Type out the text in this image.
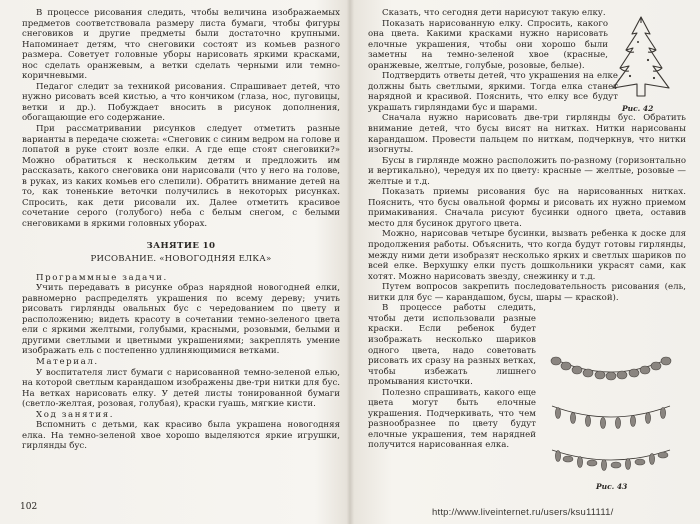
В процессе рисования следить, чтобы величина изображаемых предметов соответствовала размеру листа бумаги, чтобы фигуры снеговиков и другие предметы были достаточно крупными. Напоминает детям, что снеговики состоят из комьев разного размера. Советует головные уборы нарисовать яркими красками, нос сделать оранжевым, а ветки сделать черными или темно-коричневыми.

Педагог следит за техникой рисования. Спрашивает детей, что нужно рисовать всей кистью, а что кончиком (глаза, нос, пуговицы, ветки и др.). Побуждает вносить в рисунок дополнения, обогащающие его содержание.

При рассматривании рисунков следует отметить разные варианты в передаче сюжета: «Снеговик с синим ведром на голове и лопатой в руке стоит возле елки. А где еще стоят снеговики?» Можно обратиться к нескольким детям и предложить им рассказать, какого снеговика они нарисовали (что у него на голове, в руках, из каких комьев его слепили). Обратить внимание детей на то, как тоненькие веточки получились в некоторых рисунках. Спросить, как дети рисовали их. Далее отметить красивое сочетание серого (голубого) неба с белым снегом, с белыми снеговиками в яркими головных уборах.

ЗАНЯТИЕ 10

РИСОВАНИЕ. «НОВОГОДНЯЯ ЕЛКА»

Программные задачи.

Учить передавать в рисунке образ нарядной новогодней елки, равномерно распределять украшения по всему дереву; учить рисовать гирлянды овальных бус с чередованием по цвету и расположению; видеть красоту в сочетании темно-зеленого цвета ели с яркими желтыми, голубыми, красными, розовыми, белыми и другими светлыми и цветными украшениями; закреплять умение изображать ель с постепенно удлиняющимися ветками.

Материал.

У воспитателя лист бумаги с нарисованной темно-зеленой елью, на которой светлым карандашом изображены две-три нитки для бус. На ветках нарисовать елку. У детей листы тонированной бумаги (светло-желтая, розовая, голубая), краски гуашь, мягкие кисти.

Ход занятия.

Вспомнить с детьми, как красиво была украшена новогодняя елка. На темно-зеленой хвое хорошо выделяются яркие игрушки, гирлянды бус.

102

Сказать, что сегодня дети нарисуют такую елку.

Показать нарисованную елку. Спросить, какого она цвета. Какими красками нужно нарисовать елочные украшения, чтобы они хорошо были заметны на темно-зеленой хвое (красные, оранжевые, желтые, голубые, розовые, белые).

Подтвердить ответы детей, что украшения на елке должны быть светлыми, яркими. Тогда елка станет нарядной и красивой. Пояснить, что елку все будут украшать гирляндами бус и шарами.

Сначала нужно нарисовать две-три гирлянды бус. Обратить внимание детей, что бусы висят на нитках. Нитки нарисованы карандашом. Провести пальцем по ниткам, подчеркнув, что нитки изогнуты.

Бусы в гирлянде можно расположить по-разному (горизонтально и вертикально), чередуя их по цвету: красные — желтые, розовые — желтые и т.д.

Показать приемы рисования бус на нарисованных нитках. Пояснить, что бусы овальной формы и рисовать их нужно приемом примакивания. Сначала рисуют бусинки одного цвета, оставив место для бусинок другого цвета.

Можно, нарисовав четыре бусинки, вызвать ребенка к доске для продолжения работы. Объяснить, что когда будут готовы гирлянды, между ними дети изобразят несколько ярких и светлых шариков по всей елке. Верхушку елки пусть дошкольники украсят сами, как хотят. Можно нарисовать звезду, снежинку и т.д.

Путем вопросов закрепить последовательность рисования (ель, нитки для бус — карандашом, бусы, шары — краской).

В процессе работы следить, чтобы дети использовали разные краски. Если ребенок будет изображать несколько шариков одного цвета, надо советовать рисовать их сразу на разных ветках, чтобы избежать лишнего промывания кисточки.

Полезно спрашивать, какого еще цвета могут быть елочные украшения. Подчеркивать, что чем разнообразнее по цвету будут елочные украшения, тем нарядней получится нарисованная елка.

Рис. 42
Рис. 43
http://www.liveinternet.ru/users/ksu11111/
